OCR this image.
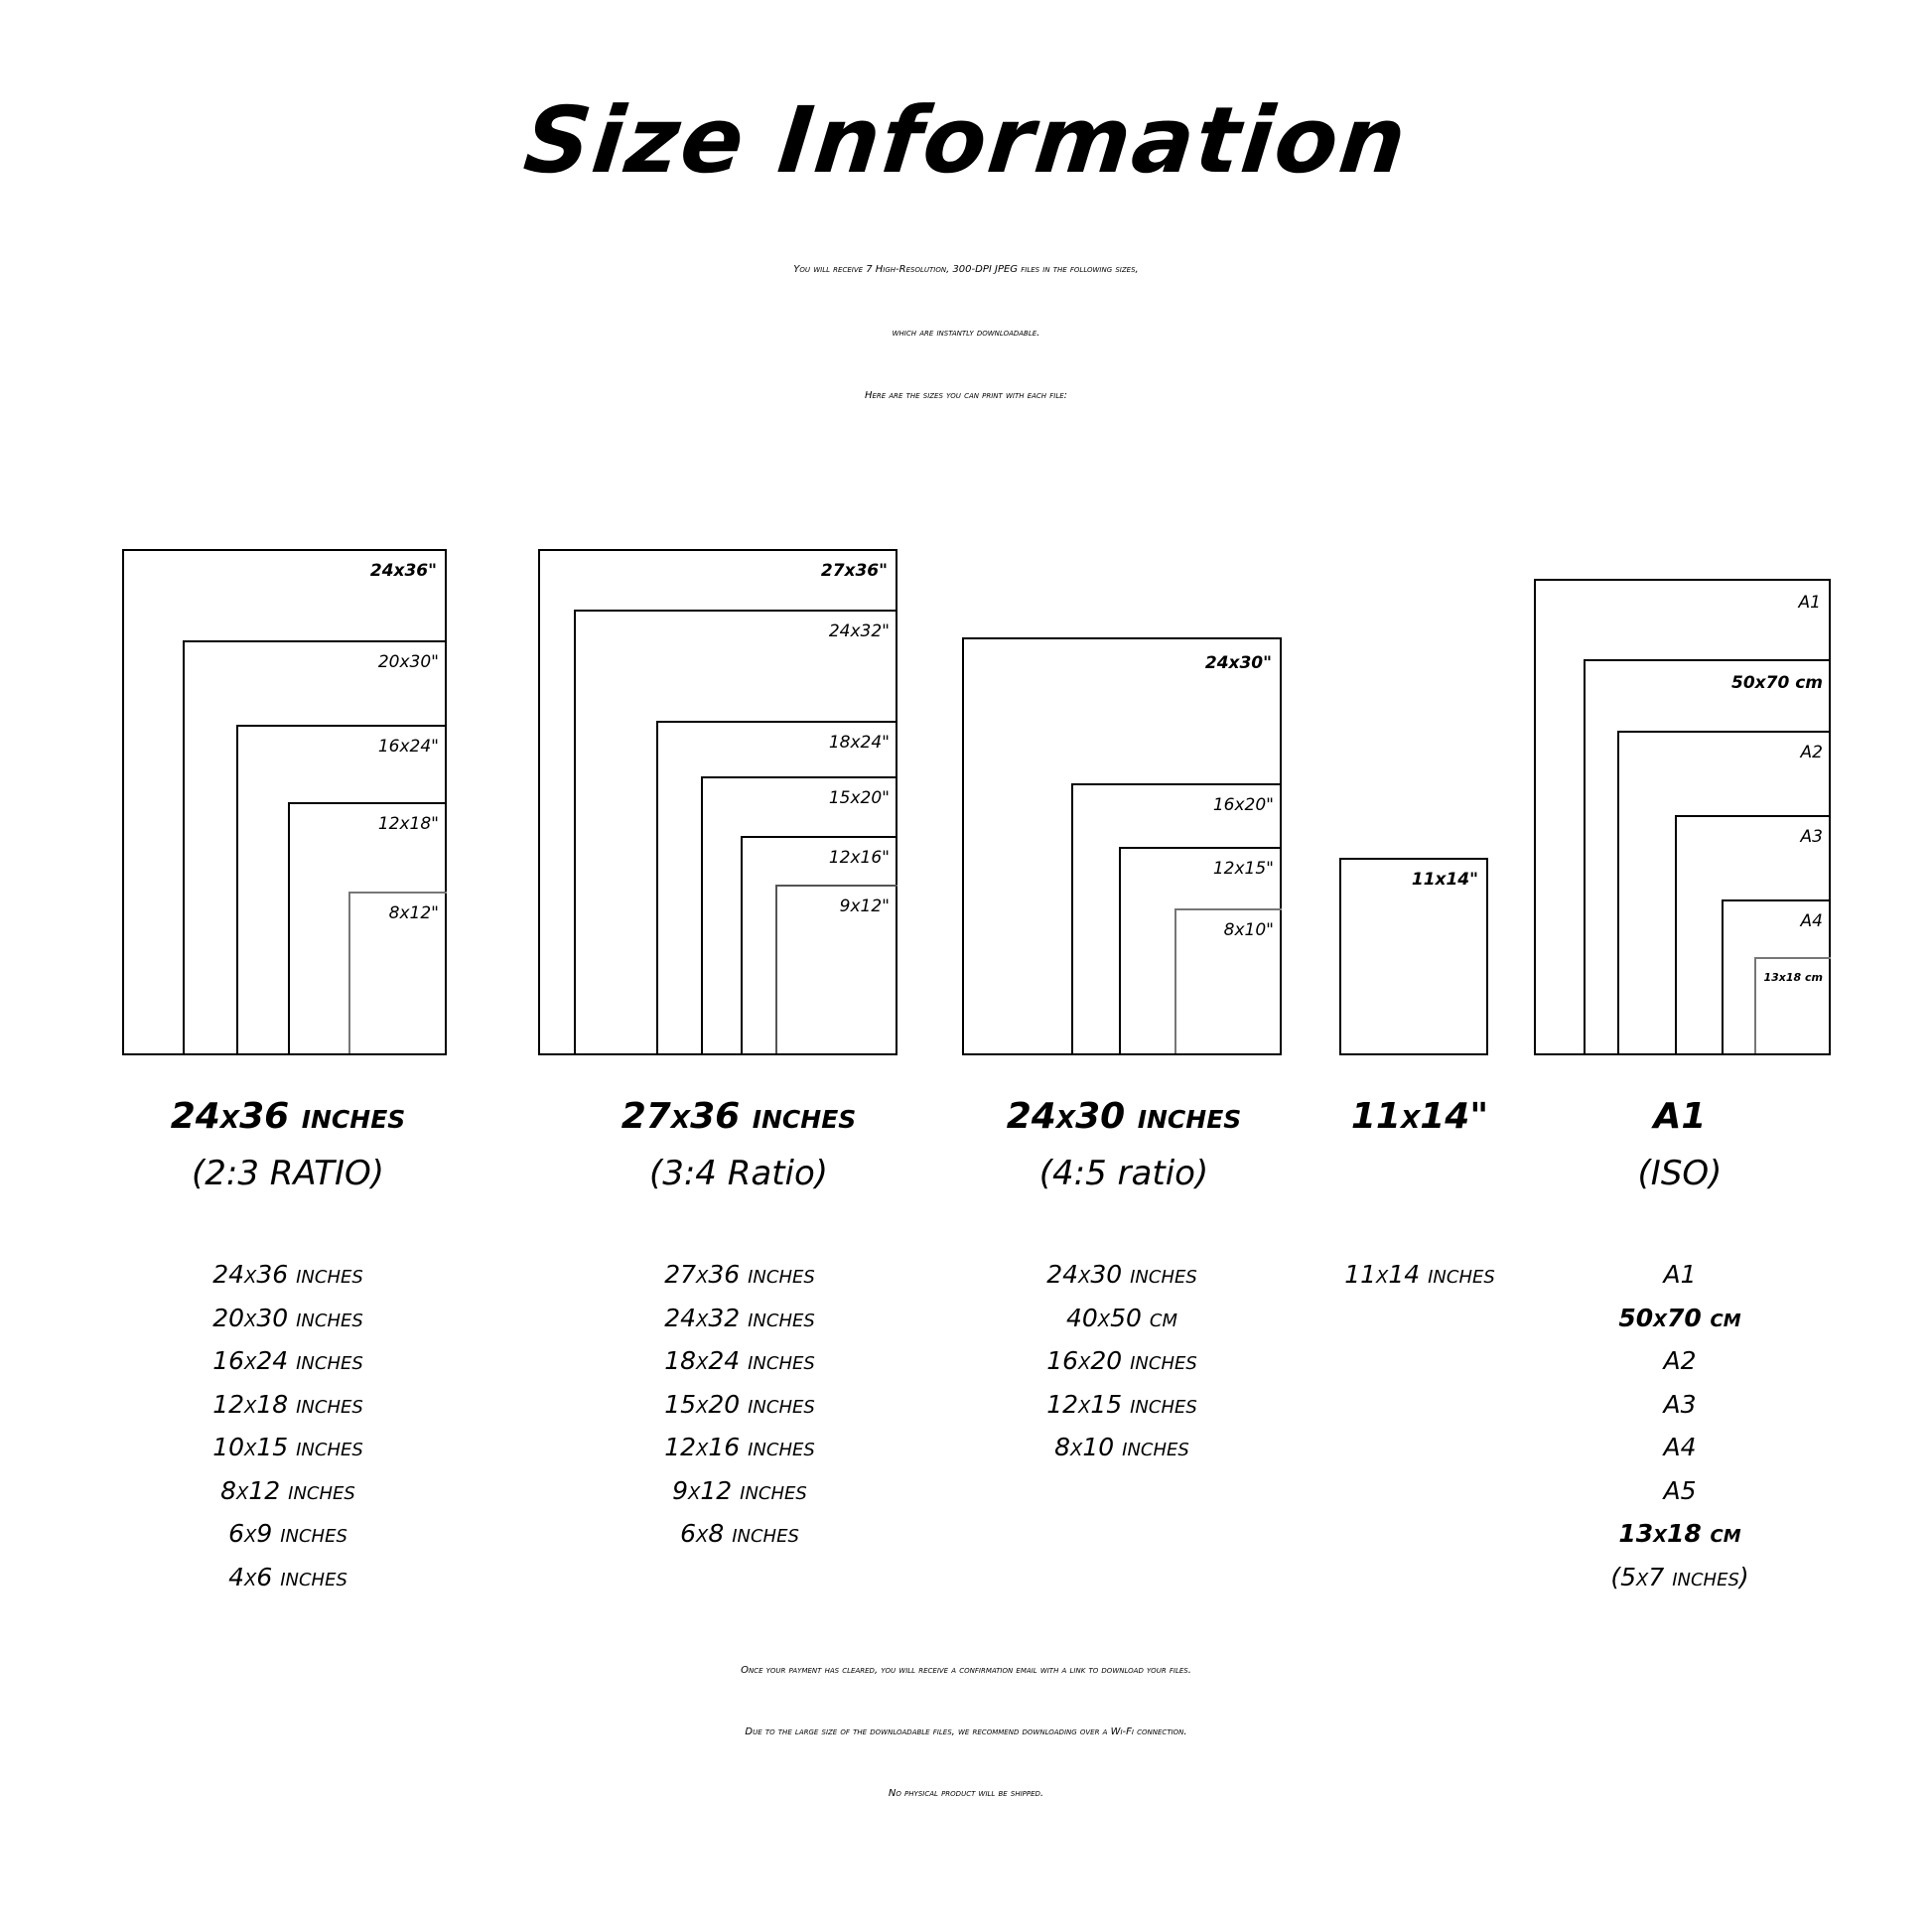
Size Information
You will receive 7 High-Resolution, 300-DPI JPEG files in the following sizes,
which are instantly downloadable.
Here are the sizes you can print with each file:
24x36"
20x30"
16x24"
12x18"
8x12"
27x36"
24x32"
18x24"
15x20"
12x16"
9x12"
24x30"
16x20"
12x15"
8x10"
11x14"
A1
50x70 cm
A2
A3
A4
13x18 cm
24x36 inches
(2:3 RATIO)
27x36 inches
(3:4 Ratio)
24x30 inches
(4:5 ratio)
11x14"	A1
(ISO)
24x36 inches
20x30 inches
16x24 inches
12x18 inches
10x15 inches
8x12 inches
6x9 inches
4x6 inches
27x36 inches
24x32 inches
18x24 inches
15x20 inches
12x16 inches
9x12 inches
6x8 inches
24x30 inches
40x50 cm
16x20 inches
12x15 inches
8x10 inches
11x14 inches	A1
50x70 cm
A2
A3
A4
A5
13x18 cm
(5x7 inches)
Once your payment has cleared, you will receive a confirmation email with a link to download your files.
Due to the large size of the downloadable files, we recommend downloading over a Wi-Fi connection.
No physical product will be shipped.
